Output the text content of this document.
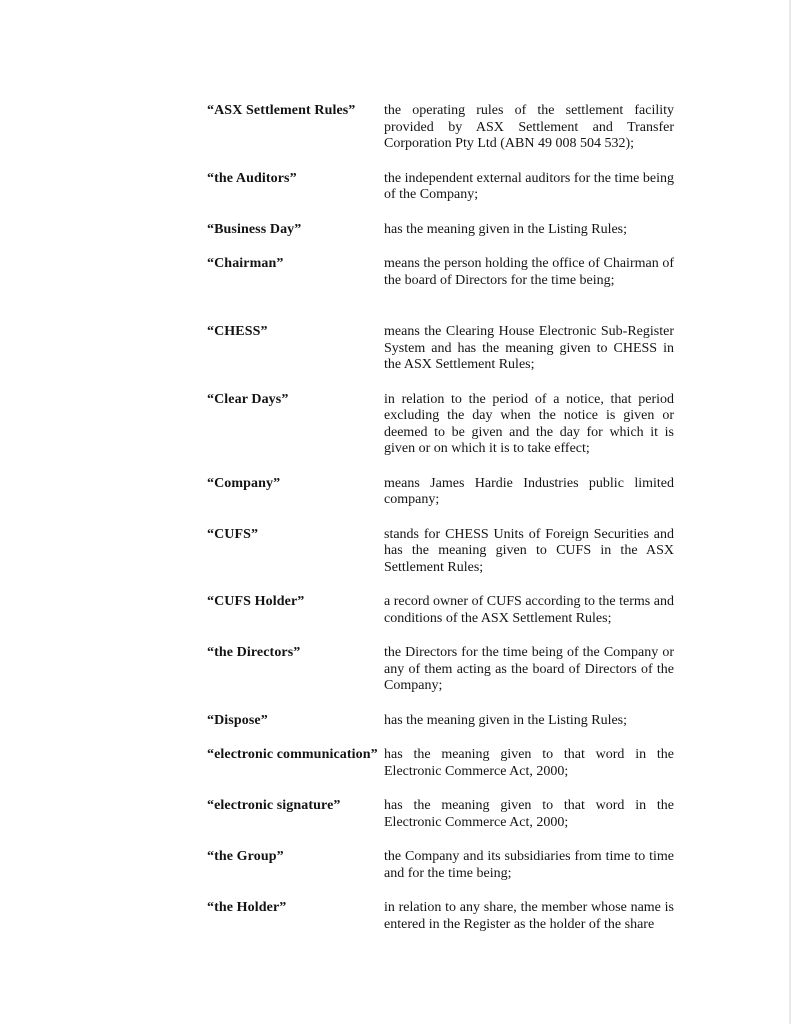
“ASX Settlement Rules” the operating rules of the settlement facility provided by ASX Settlement and Transfer Corporation Pty Ltd (ABN 49 008 504 532);

“the Auditors”	the independent external auditors for the time being of the Company;

“Business Day”	has the meaning given in the Listing Rules;

“Chairman”	means the person holding the office of Chairman of the board of Directors for the time being;

“CHESS”	means the Clearing House Electronic Sub-Register System and has the meaning given to CHESS in the ASX Settlement Rules;

“Clear Days”	in relation to the period of a notice, that period excluding the day when the notice is given or deemed to be given and the day for which it is given or on which it is to take effect;

“Company”	means James Hardie Industries public limited company;

“CUFS”	stands for CHESS Units of Foreign Securities and has the meaning given to CUFS in the ASX Settlement Rules;

“CUFS Holder”	a record owner of CUFS according to the terms and conditions of the ASX Settlement Rules;

“the Directors”	the Directors for the time being of the Company or any of them acting as the board of Directors of the Company;

“Dispose”	has the meaning given in the Listing Rules;

“electronic communication” has the meaning given to that word in the Electronic Commerce Act, 2000;

“electronic signature”	has the meaning given to that word in the Electronic Commerce Act, 2000;

“the Group”	the Company and its subsidiaries from time to time and for the time being;

“the Holder”	in relation to any share, the member whose name is entered in the Register as the holder of the share
